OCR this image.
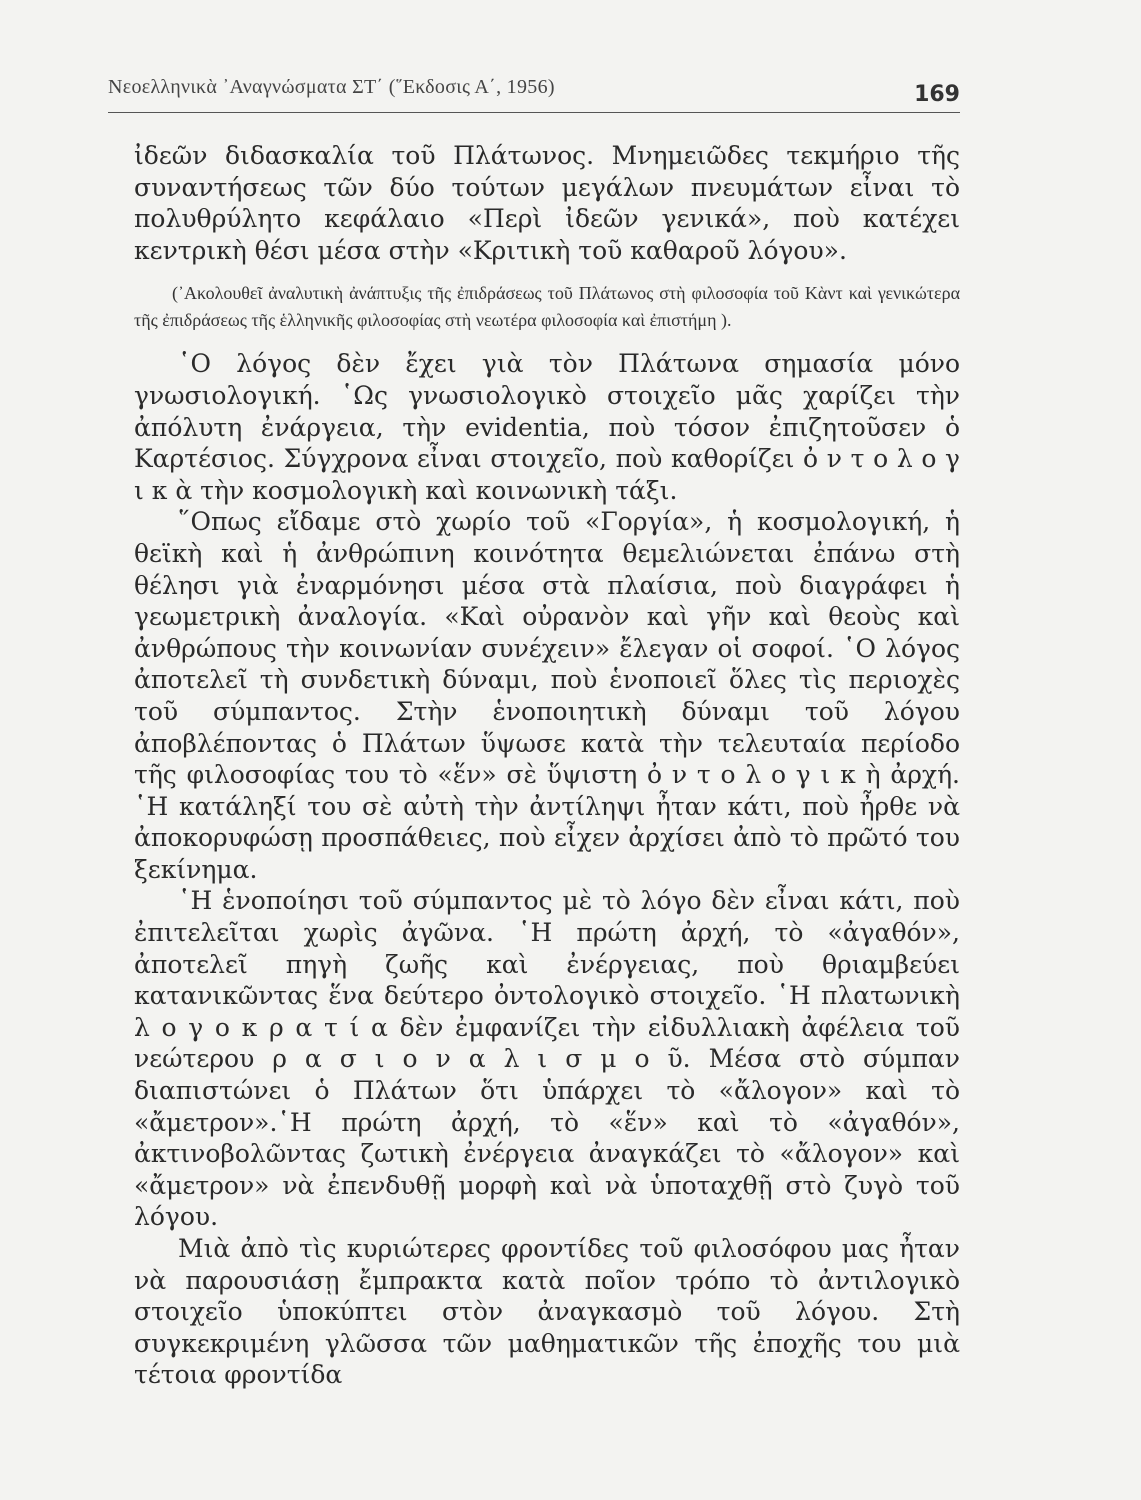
Νεοελληνικὰ ᾿Αναγνώσματα ΣΤ΄ (῞Εκδοσις Α΄, 1956)	169

ἰδεῶν διδασκαλία τοῦ Πλάτωνος. Μνημειῶδες τεκμήριο τῆς συναντήσεως τῶν δύο τούτων μεγάλων πνευμάτων εἶναι τὸ πολυθρύλητο κεφάλαιο «Περὶ ἰδεῶν γενικά», ποὺ κατέχει κεντρικὴ θέσι μέσα στὴν «Κριτικὴ τοῦ καθαροῦ λόγου».

(᾿Ακολουθεῖ ἀναλυτικὴ ἀνάπτυξις τῆς ἐπιδράσεως τοῦ Πλάτωνος στὴ φιλοσοφία τοῦ Κὰντ καὶ γενικώτερα τῆς ἐπιδράσεως τῆς ἑλληνικῆς φιλοσοφίας στὴ νεωτέρα φιλοσοφία καὶ ἐπιστήμη ).

῾Ο λόγος δὲν ἔχει γιὰ τὸν Πλάτωνα σημασία μόνο γνωσιολογική. ῾Ως γνωσιολογικὸ στοιχεῖο μᾶς χαρίζει τὴν ἀπόλυτη ἐνάργεια, τὴν evidentia, ποὺ τόσον ἐπιζητοῦσεν ὁ Καρτέσιος. Σύγχρονα εἶναι στοιχεῖο, ποὺ καθορίζει ὀ ν τ ο λ ο γ ι κ ὰ τὴν κοσμολογικὴ καὶ κοινωνικὴ τάξι.

῞Οπως εἴδαμε στὸ χωρίο τοῦ «Γοργία», ἡ κοσμολογική, ἡ θεϊκὴ καὶ ἡ ἀνθρώπινη κοινότητα θεμελιώνεται ἐπάνω στὴ θέλησι γιὰ ἐναρμόνησι μέσα στὰ πλαίσια, ποὺ διαγράφει ἡ γεωμετρικὴ ἀναλογία. «Καὶ οὐρανὸν καὶ γῆν καὶ θεοὺς καὶ ἀνθρώπους τὴν κοινωνίαν συνέχειν» ἔλεγαν οἱ σοφοί. ῾Ο λόγος ἀποτελεῖ τὴ συνδετικὴ δύναμι, ποὺ ἑνοποιεῖ ὅλες τὶς περιοχὲς τοῦ σύμπαντος. Στὴν ἑνοποιητικὴ δύναμι τοῦ λόγου ἀποβλέποντας ὁ Πλάτων ὕψωσε κατὰ τὴν τελευταία περίοδο τῆς φιλοσοφίας του τὸ «ἕν» σὲ ὕψιστη ὀ ν τ ο λ ο γ ι κ ὴ ἀρχή. ῾Η κατάληξί του σὲ αὐτὴ τὴν ἀντίληψι ἦταν κάτι, ποὺ ἦρθε νὰ ἀποκορυφώσῃ προσπάθειες, ποὺ εἶχεν ἀρχίσει ἀπὸ τὸ πρῶτό του ξεκίνημα.

῾Η ἑνοποίησι τοῦ σύμπαντος μὲ τὸ λόγο δὲν εἶναι κάτι, ποὺ ἐπιτελεῖται χωρὶς ἀγῶνα. ῾Η πρώτη ἀρχή, τὸ «ἀγαθόν», ἀποτελεῖ πηγὴ ζωῆς καὶ ἐνέργειας, ποὺ θριαμβεύει κατανικῶντας ἕνα δεύτερο ὀντολογικὸ στοιχεῖο. ῾Η πλατωνικὴ λ ο γ ο κ ρ α τ ί α δὲν ἐμφανίζει τὴν εἰδυλλιακὴ ἀφέλεια τοῦ νεώτερου ρ α σ ι ο ν α λ ι σ μ ο ῦ. Μέσα στὸ σύμπαν διαπιστώνει ὁ Πλάτων ὅτι ὑπάρχει τὸ «ἄλογον» καὶ τὸ «ἄμετρον».῾Η πρώτη ἀρχή, τὸ «ἕν» καὶ τὸ «ἀγαθόν», ἀκτινοβολῶντας ζωτικὴ ἐνέργεια ἀναγκάζει τὸ «ἄλογον» καὶ «ἄμετρον» νὰ ἐπενδυθῇ μορφὴ καὶ νὰ ὑποταχθῇ στὸ ζυγὸ τοῦ λόγου.

Μιὰ ἀπὸ τὶς κυριώτερες φροντίδες τοῦ φιλοσόφου μας ἦταν νὰ παρουσιάσῃ ἔμπρακτα κατὰ ποῖον τρόπο τὸ ἀντιλογικὸ στοιχεῖο ὑποκύπτει στὸν ἀναγκασμὸ τοῦ λόγου. Στὴ συγκεκριμένη γλῶσσα τῶν μαθηματικῶν τῆς ἐποχῆς του μιὰ τέτοια φροντίδα
